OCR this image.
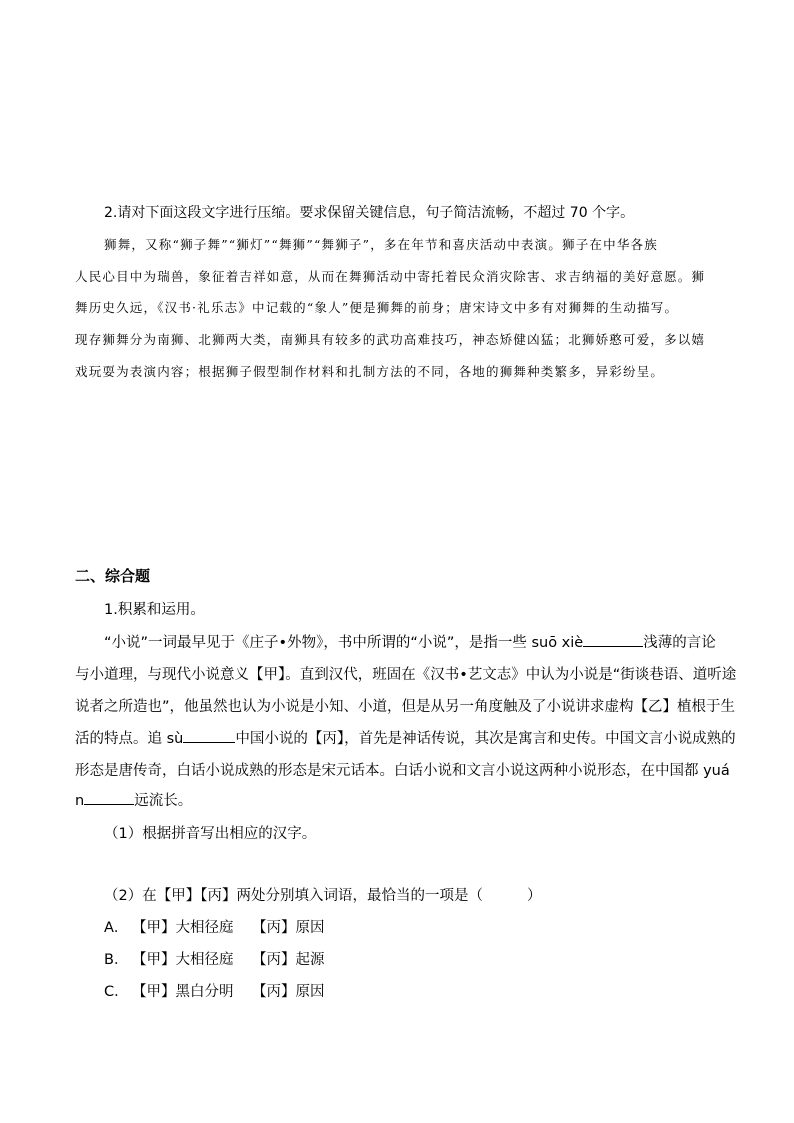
2.请对下面这段文字进行压缩。要求保留关键信息，句子简洁流畅，不超过 70 个字。
狮舞，又称“狮子舞”“狮灯”“舞狮”“舞狮子”，多在年节和喜庆活动中表演。狮子在中华各族
人民心目中为瑞兽，象征着吉祥如意，从而在舞狮活动中寄托着民众消灾除害、求吉纳福的美好意愿。狮
舞历史久远，《汉书·礼乐志》中记载的“象人”便是狮舞的前身；唐宋诗文中多有对狮舞的生动描写。
现存狮舞分为南狮、北狮两大类，南狮具有较多的武功高难技巧，神态矫健凶猛；北狮娇憨可爱，多以嬉
戏玩耍为表演内容；根据狮子假型制作材料和扎制方法的不同，各地的狮舞种类繁多，异彩纷呈。
二、综合题
1.积累和运用。
“小说”一词最早见于《庄子•外物》，书中所谓的“小说”，是指一些 suō xiè	浅薄的言论
与小道理，与现代小说意义【甲】。直到汉代，班固在《汉书•艺文志》中认为小说是“街谈巷语、道听途
说者之所造也”，他虽然也认为小说是小知、小道，但是从另一角度触及了小说讲求虚构【乙】植根于生
活的特点。追 sù	中国小说的【丙】，首先是神话传说，其次是寓言和史传。中国文言小说成熟的
形态是唐传奇，白话小说成熟的形态是宋元话本。白话小说和文言小说这两种小说形态，在中国都 yuá
n	远流长。
（1）根据拼音写出相应的汉字。
（2）在【甲】【丙】两处分别填入词语，最恰当的一项是（	）
A． 【甲】大相径庭 【丙】原因
B． 【甲】大相径庭 【丙】起源
C． 【甲】黑白分明 【丙】原因
